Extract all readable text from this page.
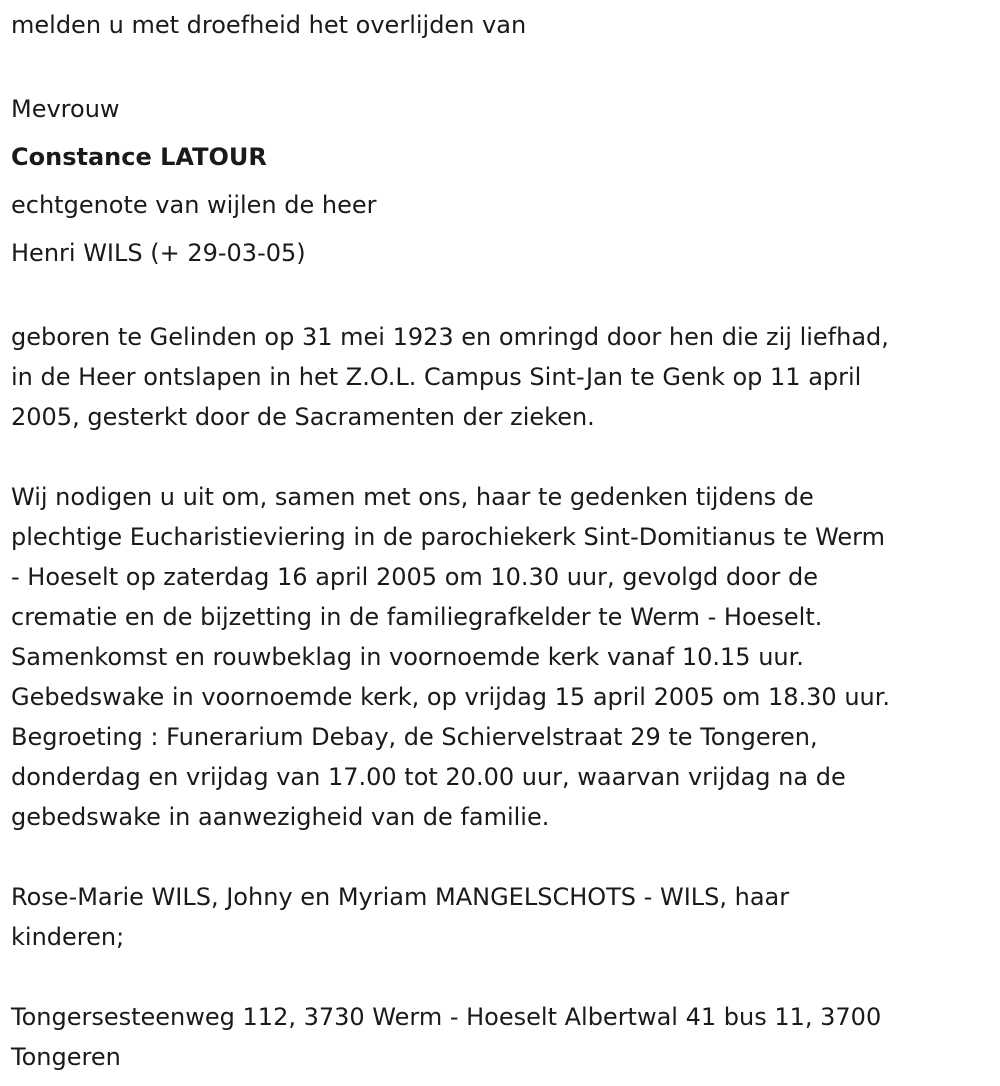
melden u met droefheid het overlijden van

Mevrouw

Constance LATOUR

echtgenote van wijlen de heer

Henri WILS (+ 29-03-05)

geboren te Gelinden op 31 mei 1923 en omringd door hen die zij liefhad,
in de Heer ontslapen in het Z.O.L. Campus Sint-Jan te Genk op 11 april
2005, gesterkt door de Sacramenten der zieken.

Wij nodigen u uit om, samen met ons, haar te gedenken tijdens de
plechtige Eucharistieviering in de parochiekerk Sint-Domitianus te Werm
- Hoeselt op zaterdag 16 april 2005 om 10.30 uur, gevolgd door de
crematie en de bijzetting in de familiegrafkelder te Werm - Hoeselt.
Samenkomst en rouwbeklag in voornoemde kerk vanaf 10.15 uur.
Gebedswake in voornoemde kerk, op vrijdag 15 april 2005 om 18.30 uur.
Begroeting : Funerarium Debay, de Schiervelstraat 29 te Tongeren,
donderdag en vrijdag van 17.00 tot 20.00 uur, waarvan vrijdag na de
gebedswake in aanwezigheid van de familie.

Rose-Marie WILS, Johny en Myriam MANGELSCHOTS - WILS, haar
kinderen;

Tongersesteenweg 112, 3730 Werm - Hoeselt Albertwal 41 bus 11, 3700
Tongeren
